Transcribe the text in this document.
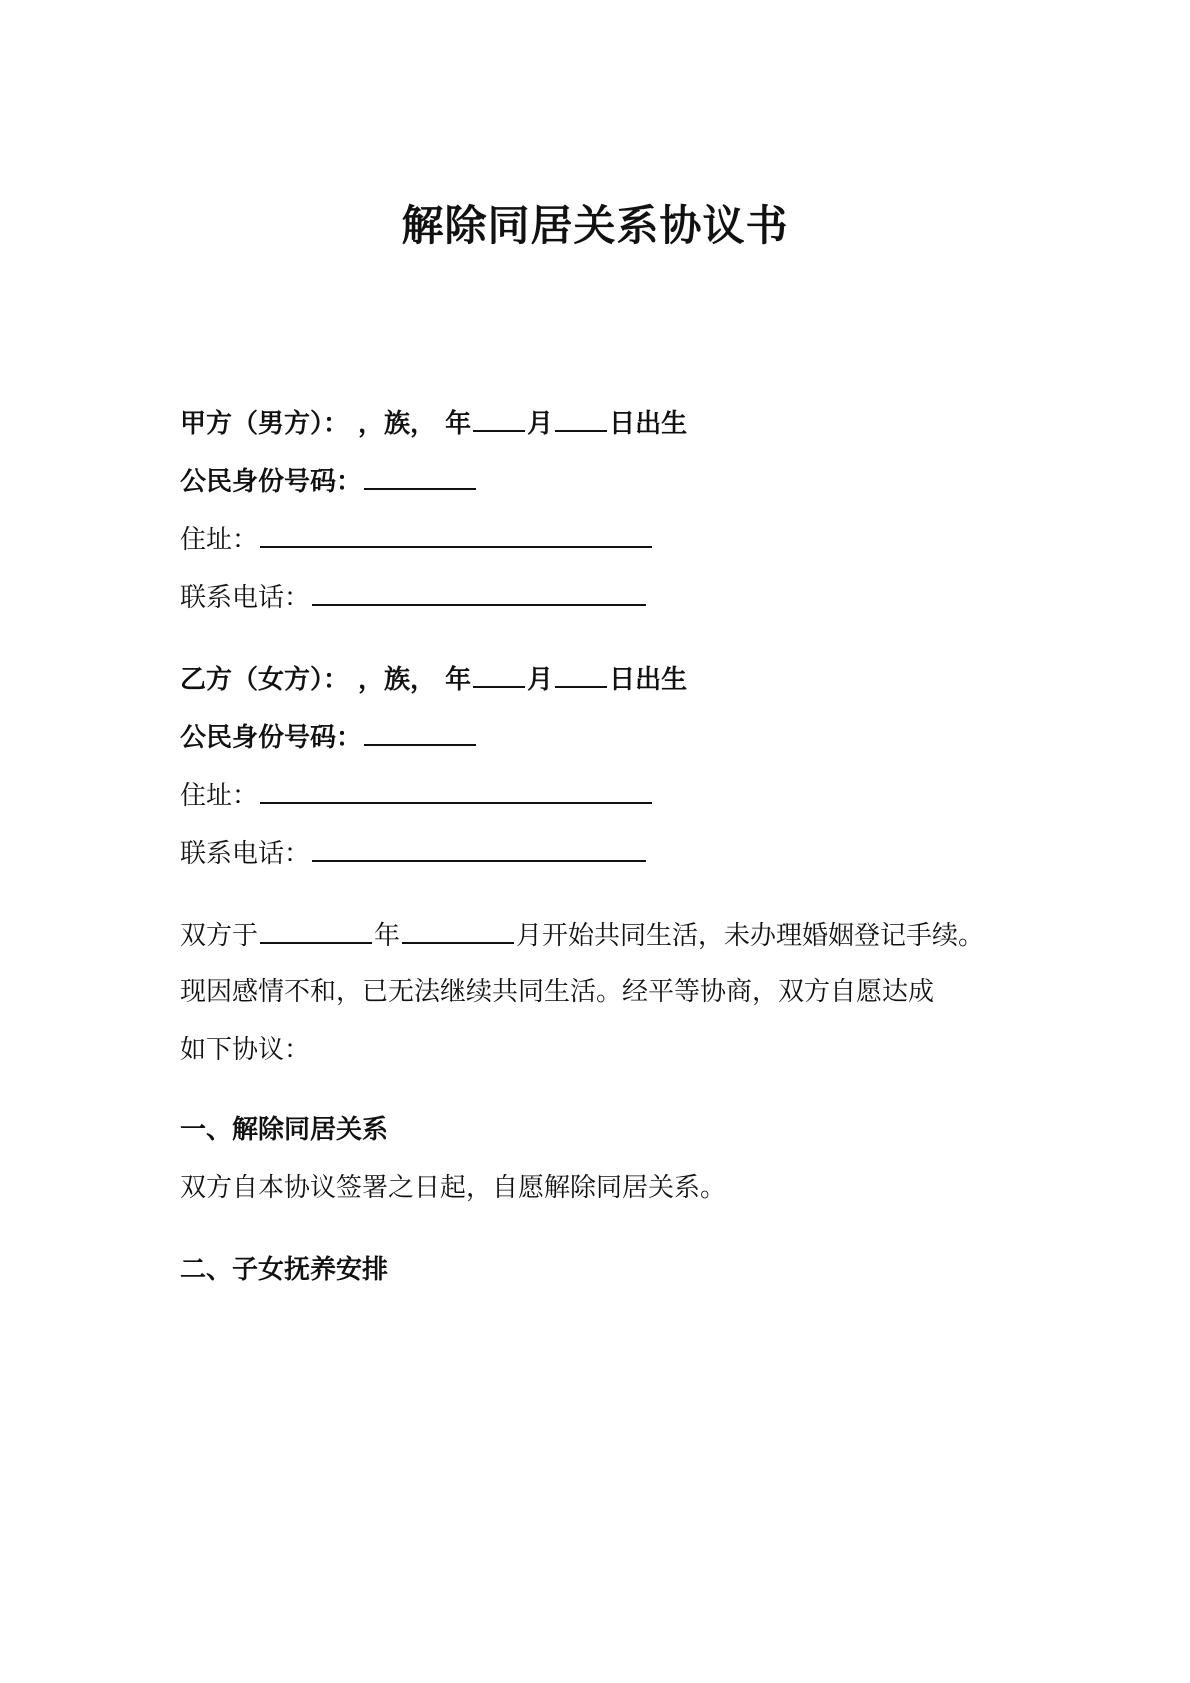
解除同居关系协议书
甲方（男方）： ，族， 年 月 日出生
公民身份号码：
住址：
联系电话：
乙方（女方）： ，族， 年 月 日出生
公民身份号码：
住址：
联系电话：
双方于	年	月开始共同生活，未办理婚姻登记手续。
现因感情不和，已无法继续共同生活。经平等协商，双方自愿达成
如下协议：
一、解除同居关系
双方自本协议签署之日起，自愿解除同居关系。
二、子女抚养安排
